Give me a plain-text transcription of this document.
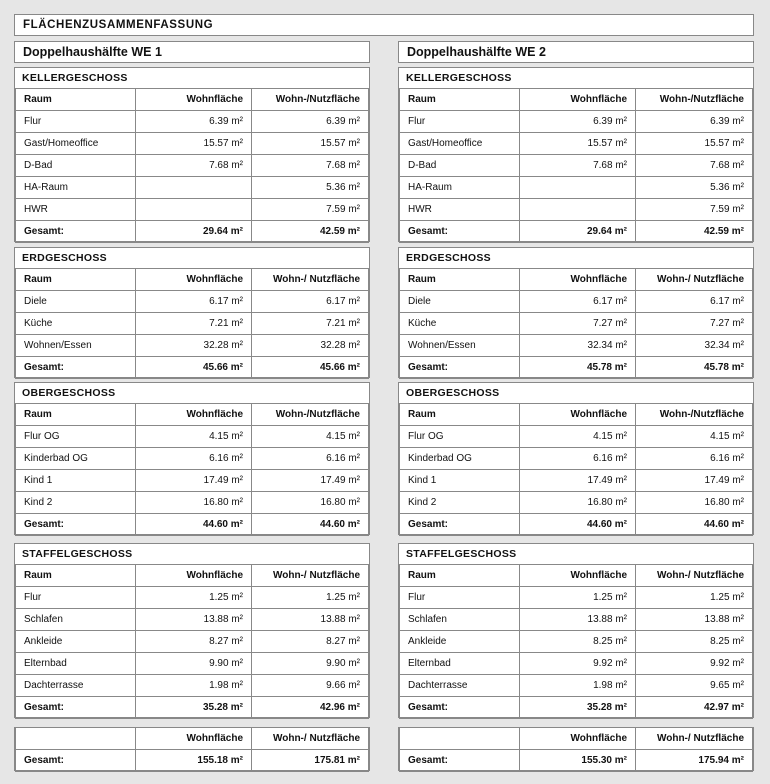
FLÄCHENZUSAMMENFASSUNG
Doppelhaushälfte WE 1
KELLERGESCHOSS
Raum	Wohnfläche	Wohn-/Nutzfläche
Flur	6.39 m²	6.39 m²
Gast/Homeoffice	15.57 m²	15.57 m²
D-Bad	7.68 m²	7.68 m²
HA-Raum		5.36 m²
HWR		7.59 m²
Gesamt:	29.64 m²	42.59 m²
ERDGESCHOSS
Raum	Wohnfläche	Wohn-/ Nutzfläche
Diele	6.17 m²	6.17 m²
Küche	7.21 m²	7.21 m²
Wohnen/Essen	32.28 m²	32.28 m²
Gesamt:	45.66 m²	45.66 m²
OBERGESCHOSS
Raum	Wohnfläche	Wohn-/Nutzfläche
Flur OG	4.15 m²	4.15 m²
Kinderbad OG	6.16 m²	6.16 m²
Kind 1	17.49 m²	17.49 m²
Kind 2	16.80 m²	16.80 m²
Gesamt:	44.60 m²	44.60 m²
STAFFELGESCHOSS
Raum	Wohnfläche	Wohn-/ Nutzfläche
Flur	1.25 m²	1.25 m²
Schlafen	13.88 m²	13.88 m²
Ankleide	8.27 m²	8.27 m²
Elternbad	9.90 m²	9.90 m²
Dachterrasse	1.98 m²	9.66 m²
Gesamt:	35.28 m²	42.96 m²
	Wohnfläche	Wohn-/ Nutzfläche
Gesamt:	155.18 m²	175.81 m²
Doppelhaushälfte WE 2
KELLERGESCHOSS
Raum	Wohnfläche	Wohn-/Nutzfläche
Flur	6.39 m²	6.39 m²
Gast/Homeoffice	15.57 m²	15.57 m²
D-Bad	7.68 m²	7.68 m²
HA-Raum		5.36 m²
HWR		7.59 m²
Gesamt:	29.64 m²	42.59 m²
ERDGESCHOSS
Raum	Wohnfläche	Wohn-/ Nutzfläche
Diele	6.17 m²	6.17 m²
Küche	7.27 m²	7.27 m²
Wohnen/Essen	32.34 m²	32.34 m²
Gesamt:	45.78 m²	45.78 m²
OBERGESCHOSS
Raum	Wohnfläche	Wohn-/Nutzfläche
Flur OG	4.15 m²	4.15 m²
Kinderbad OG	6.16 m²	6.16 m²
Kind 1	17.49 m²	17.49 m²
Kind 2	16.80 m²	16.80 m²
Gesamt:	44.60 m²	44.60 m²
STAFFELGESCHOSS
Raum	Wohnfläche	Wohn-/ Nutzfläche
Flur	1.25 m²	1.25 m²
Schlafen	13.88 m²	13.88 m²
Ankleide	8.25 m²	8.25 m²
Elternbad	9.92 m²	9.92 m²
Dachterrasse	1.98 m²	9.65 m²
Gesamt:	35.28 m²	42.97 m²
	Wohnfläche	Wohn-/ Nutzfläche
Gesamt:	155.30 m²	175.94 m²
